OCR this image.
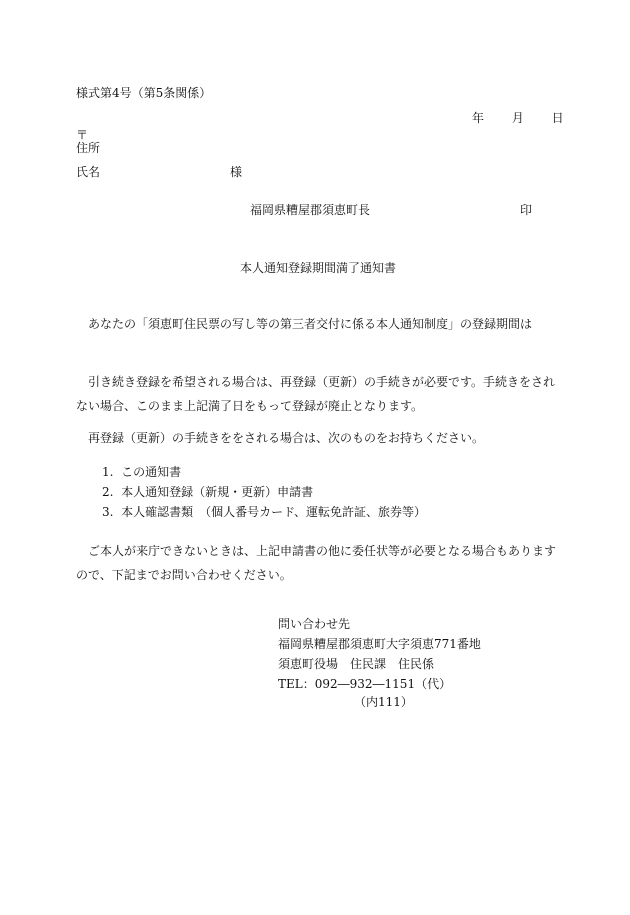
様式第4号（第5条関係）
年 月 日
〒
住所
氏名	様
福岡県糟屋郡須恵町長	印
本人通知登録期間満了通知書
あなたの「須恵町住民票の写し等の第三者交付に係る本人通知制度」の登録期間は
引き続き登録を希望される場合は、再登録（更新）の手続きが必要です。手続きをされない場合、このまま上記満了日をもって登録が廃止となります。
再登録（更新）の手続きををされる場合は、次のものをお持ちください。
1. この通知書
2. 本人通知登録（新規・更新）申請書
3. 本人確認書類　（個人番号カード、運転免許証、旅券等）
ご本人が来庁できないときは、上記申請書の他に委任状等が必要となる場合もありますので、下記までお問い合わせください。
問い合わせ先
福岡県糟屋郡須恵町大字須恵771番地
須恵町役場　住民課　住民係
TEL：092―932―1151（代）
（内111）
